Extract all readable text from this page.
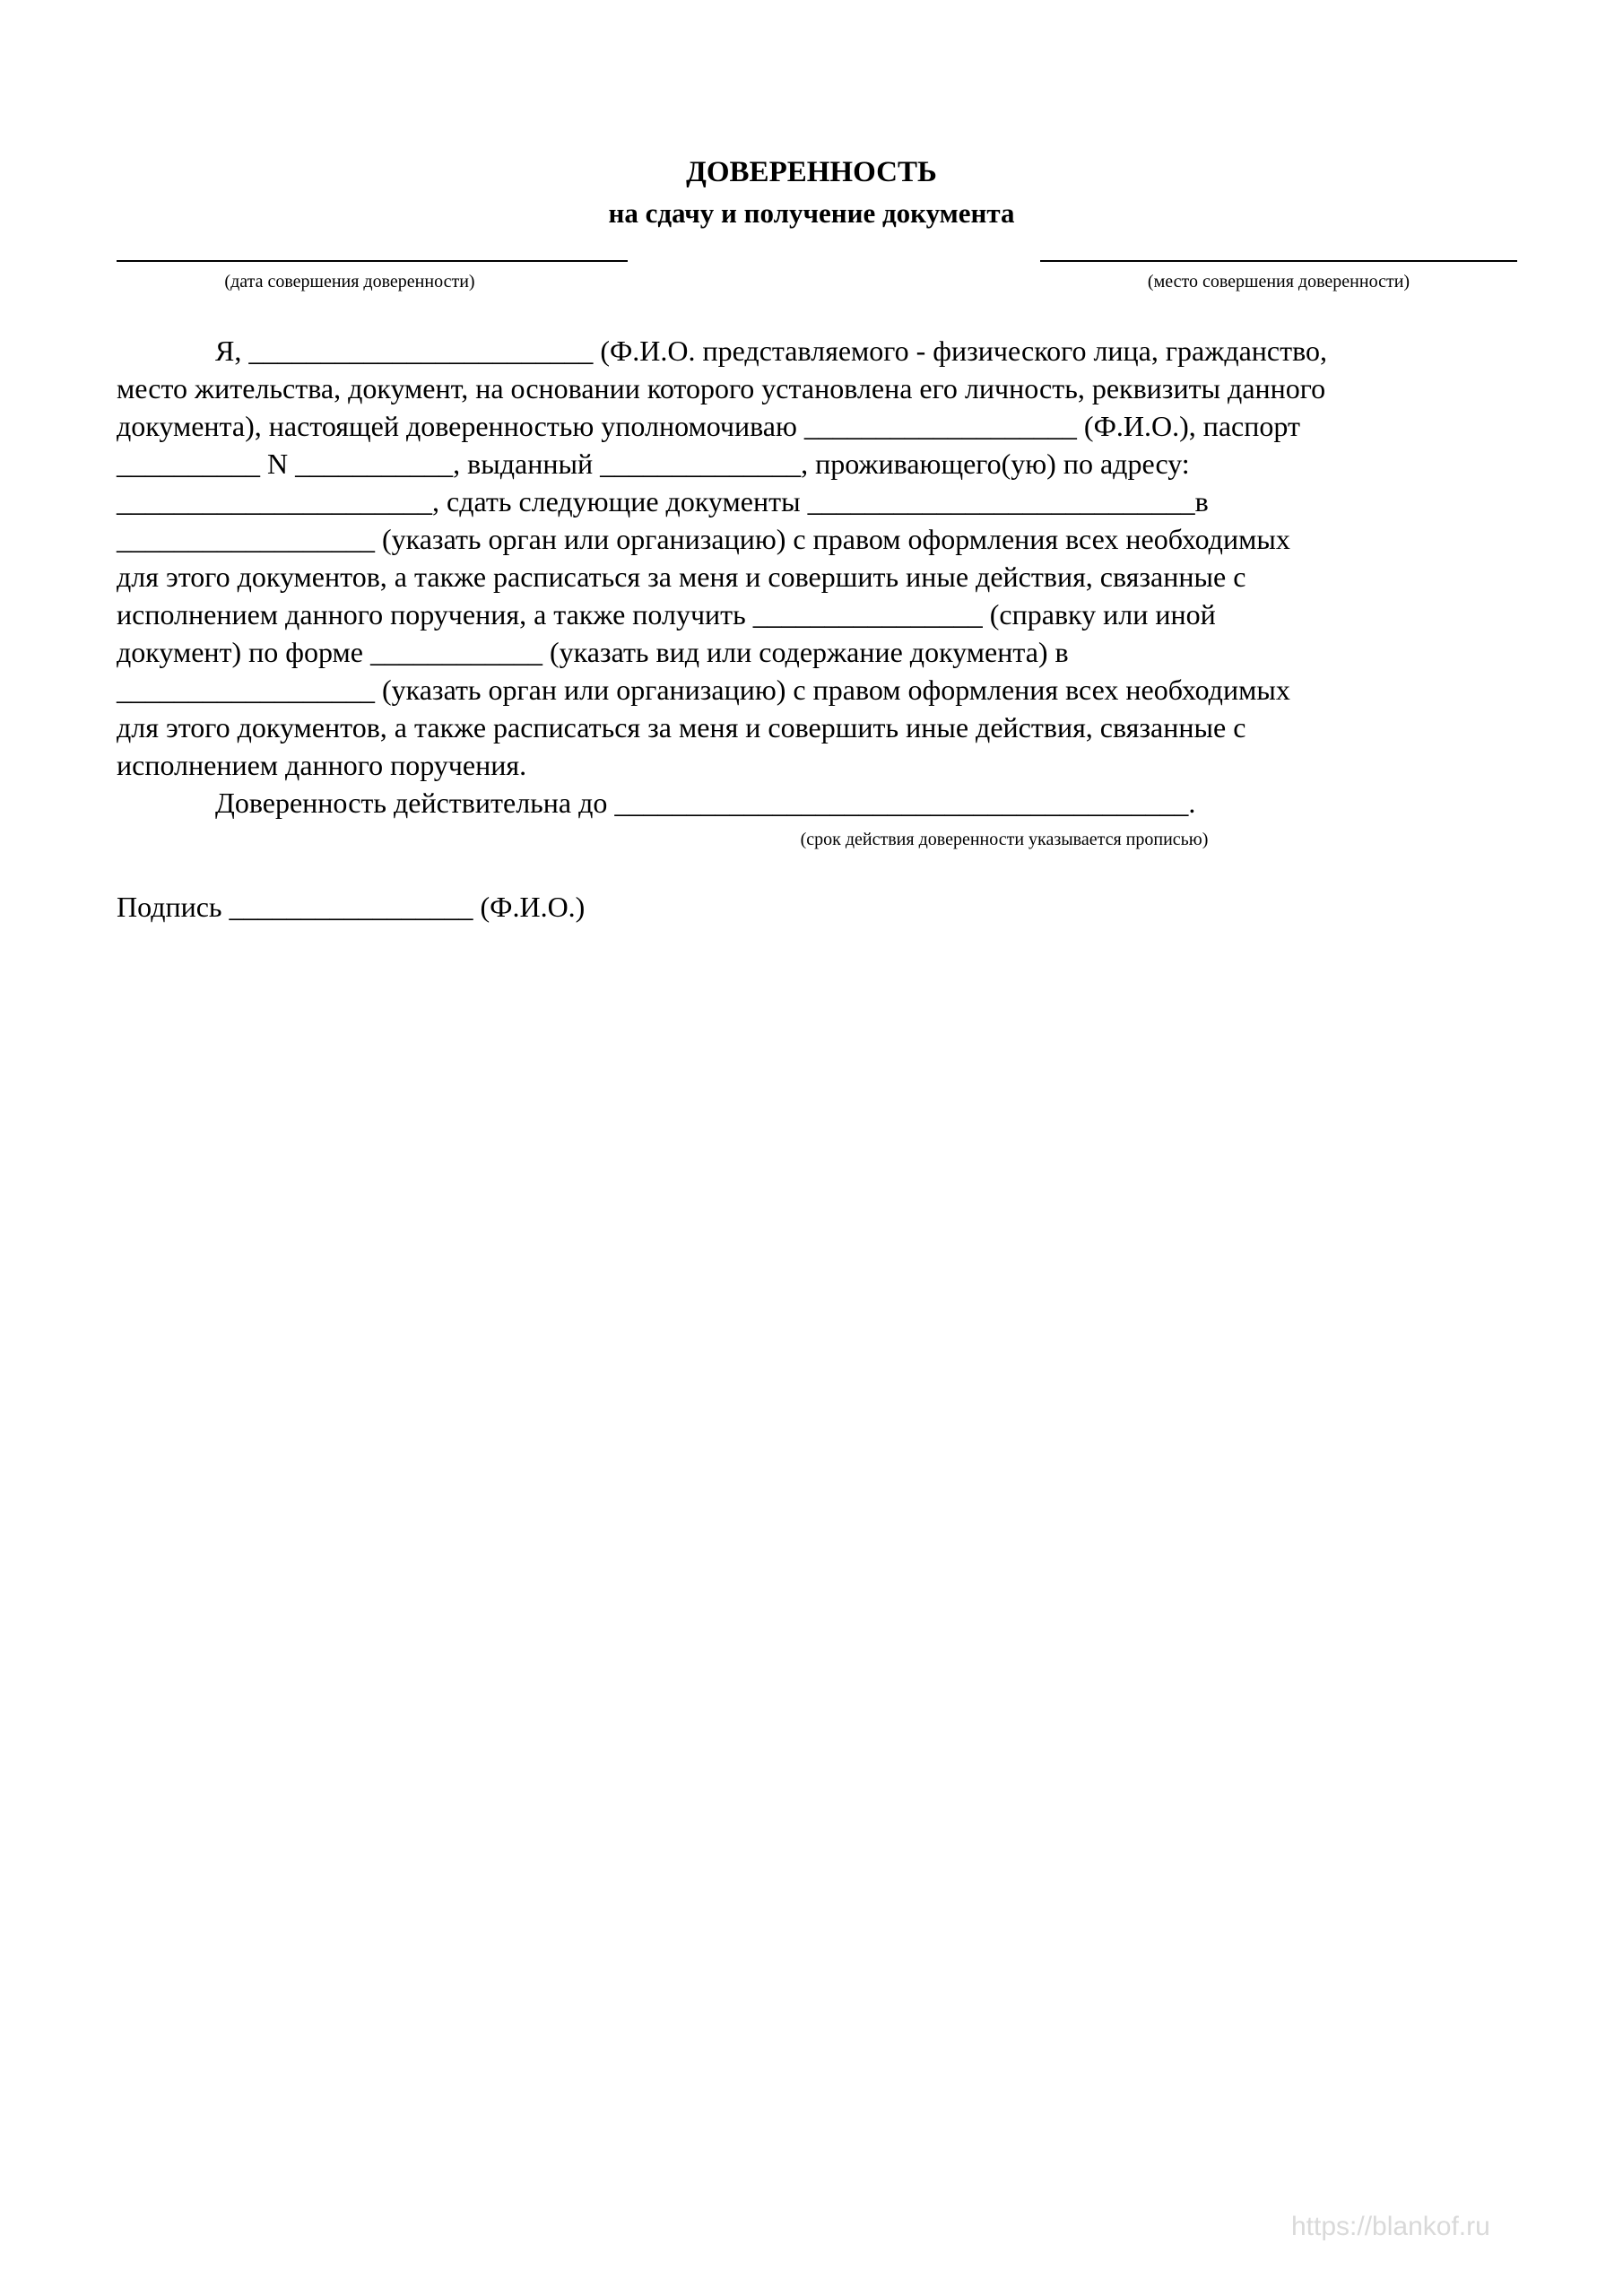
ДОВЕРЕННОСТЬ
на сдачу и получение документа
(дата совершения доверенности)	(место совершения доверенности)
Я, ________________________ (Ф.И.О. представляемого - физического лица, гражданство,
место жительства, документ, на основании которого установлена его личность, реквизиты данного
документа), настоящей доверенностью уполномочиваю ___________________ (Ф.И.О.), паспорт
__________ N ___________, выданный ______________, проживающего(ую) по адресу:
______________________, сдать следующие документы ___________________________в
__________________ (указать орган или организацию) с правом оформления всех необходимых
для этого документов, а также расписаться за меня и совершить иные действия, связанные с
исполнением данного поручения, а также получить ________________ (справку или иной
документ) по форме ____________ (указать вид или содержание документа) в
__________________ (указать орган или организацию) с правом оформления всех необходимых
для этого документов, а также расписаться за меня и совершить иные действия, связанные с
исполнением данного поручения.
Доверенность действительна до ________________________________________.
(срок действия доверенности указывается прописью)
Подпись _________________ (Ф.И.О.)
https://blankof.ru
